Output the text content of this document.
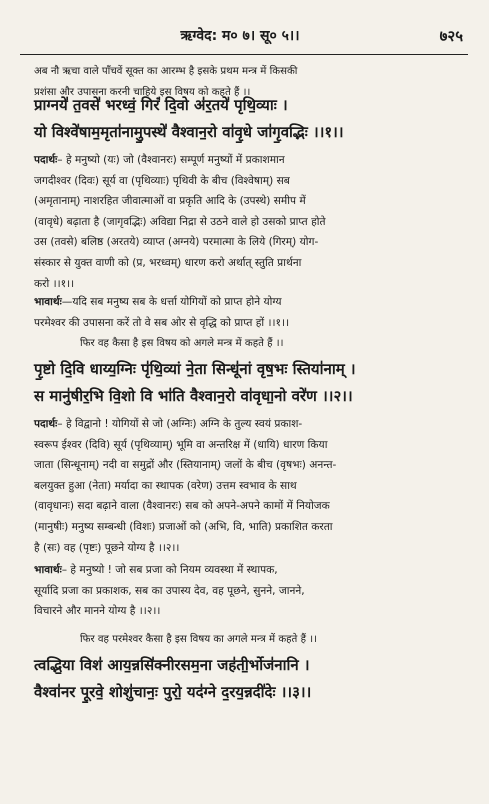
ऋग्वेद: म० ७। सू० ५।।	७२५

अब नौ ऋचा वाले पाँचवें सूक्त का आरम्भ है इसके प्रथम मन्त्र में किसकी
प्रशंसा और उपासना करनी चाहिये इस विषय को कहते हैं ।।

प्राग्नये॑ त॒वसे॑ भरध्वं॒ गिरं॑ दि॒वो अ॑र॒तये॑ पृथि॒व्याः ।
यो विश्वे॑षाम॒मृता॑नामु॒पस्थे॑ वैश्वान॒रो वा॑वृ॒धे जा॑गृ॒वद्भिः ।।१।।

पदार्थः– हे मनुष्यो (यः) जो (वैश्वानरः) सम्पूर्ण मनुष्यों में प्रकाशमान
जगदीश्वर (दिवः) सूर्य वा (पृथिव्याः) पृथिवी के बीच (विश्वेषाम्) सब
(अमृतानाम्) नाशरहित जीवात्माओं वा प्रकृति आदि के (उपस्थे) समीप में
(वावृधे) बढ़ाता है (जागृवद्भिः) अविद्या निद्रा से उठने वाले हो उसको प्राप्त होते
उस (तवसे) बलिष्ठ (अरतये) व्याप्त (अग्नये) परमात्मा के लिये (गिरम्) योग-
संस्कार से युक्त वाणी को (प्र, भरध्वम्) धारण करो अर्थात् स्तुति प्रार्थना
करो ।।१।।

भावार्थः—यदि सब मनुष्य सब के धर्त्ता योगियों को प्राप्त होने योग्य
परमेश्वर की उपासना करें तो वे सब ओर से वृद्धि को प्राप्त हों ।।१।।

फिर वह कैसा है इस विषय को अगले मन्त्र में कहते हैं ।।

पृ॒ष्टो दि॒वि धाय्य॒ग्निः पृ॑थि॒व्यां ने॒ता सिन्धू॑नां वृष॒भः स्तिया॑नाम् ।
स मानु॑षीर॒भि वि॒शो वि भा॑ति वैश्वान॒रो वा॑वृधा॒नो वरे॑ण ।।२।।

पदार्थः– हे विद्वानो ! योगियों से जो (अग्निः) अग्नि के तुल्य स्वयं प्रकाश-
स्वरूप ईश्वर (दिवि) सूर्य (पृथिव्याम्) भूमि वा अन्तरिक्ष में (धायि) धारण किया
जाता (सिन्धूनाम्) नदी वा समुद्रों और (स्तियानाम्) जलों के बीच (वृषभः) अनन्त-
बलयुक्त हुआ (नेता) मर्यादा का स्थापक (वरेण) उत्तम स्वभाव के साथ
(वावृधानः) सदा बढ़ाने वाला (वैश्वानरः) सब को अपने-अपने कामों में नियोजक
(मानुषीः) मनुष्य सम्बन्धी (विशः) प्रजाओं को (अभि, वि, भाति) प्रकाशित करता
है (सः) वह (पृष्टः) पूछने योग्य है ।।२।।

भावार्थः– हे मनुष्यो ! जो सब प्रजा को नियम व्यवस्था में स्थापक,
सूर्यादि प्रजा का प्रकाशक, सब का उपास्य देव, वह पूछने, सुनने, जानने,
विचारने और मानने योग्य है ।।२।।

फिर वह परमेश्वर कैसा है इस विषय का अगले मन्त्र में कहते हैं ।।

त्वद्भि॒या विश॑ आय॒न्नसि॑क्नीरसम॒ना जह॑ती॒र्भोज॑नानि ।
वैश्वा॑नर पू॒रवे॒ शोशु॑चानः॒ पुरो॒ यद॑ग्ने द॒रय॒न्नदी॑देः ।।३।।
